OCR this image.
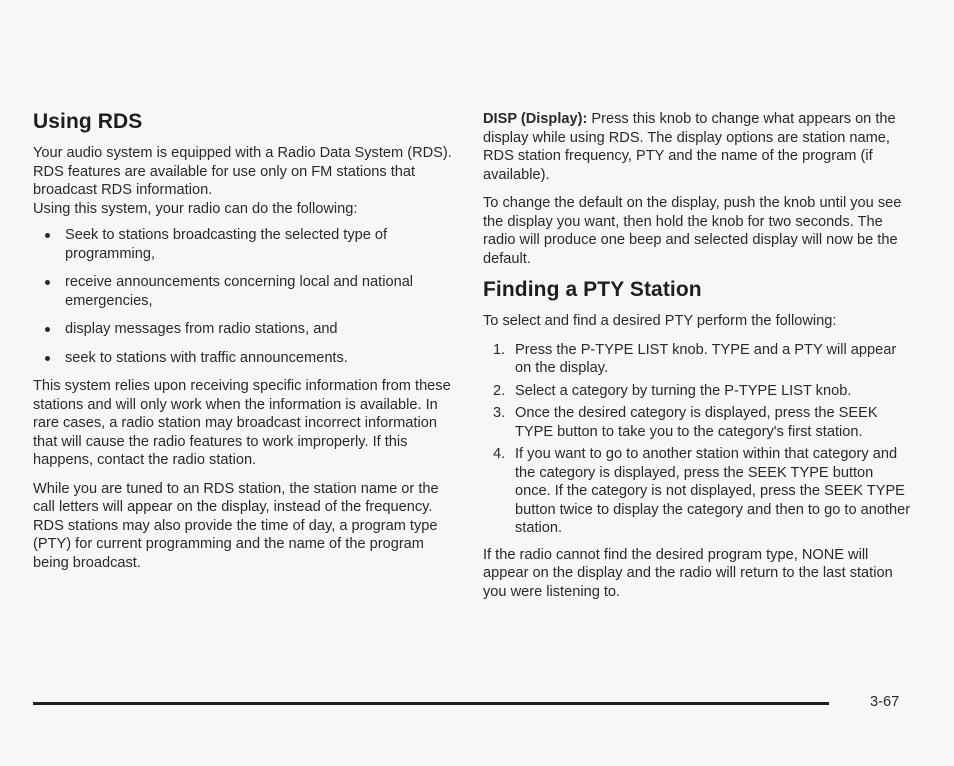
Using RDS

Your audio system is equipped with a Radio Data System (RDS). RDS features are available for use only on FM stations that broadcast RDS information.

Using this system, your radio can do the following:

Seek to stations broadcasting the selected type of programming,
receive announcements concerning local and national emergencies,
display messages from radio stations, and
seek to stations with traffic announcements.

This system relies upon receiving specific information from these stations and will only work when the information is available. In rare cases, a radio station may broadcast incorrect information that will cause the radio features to work improperly. If this happens, contact the radio station.

While you are tuned to an RDS station, the station name or the call letters will appear on the display, instead of the frequency. RDS stations may also provide the time of day, a program type (PTY) for current programming and the name of the program being broadcast.

DISP (Display): Press this knob to change what appears on the display while using RDS. The display options are station name, RDS station frequency, PTY and the name of the program (if available).

To change the default on the display, push the knob until you see the display you want, then hold the knob for two seconds. The radio will produce one beep and selected display will now be the default.

Finding a PTY Station

To select and find a desired PTY perform the following:

1. Press the P-TYPE LIST knob. TYPE and a PTY will appear on the display.
2. Select a category by turning the P-TYPE LIST knob.
3. Once the desired category is displayed, press the SEEK TYPE button to take you to the category's first station.
4. If you want to go to another station within that category and the category is displayed, press the SEEK TYPE button once. If the category is not displayed, press the SEEK TYPE button twice to display the category and then to go to another station.

If the radio cannot find the desired program type, NONE will appear on the display and the radio will return to the last station you were listening to.

3-67
